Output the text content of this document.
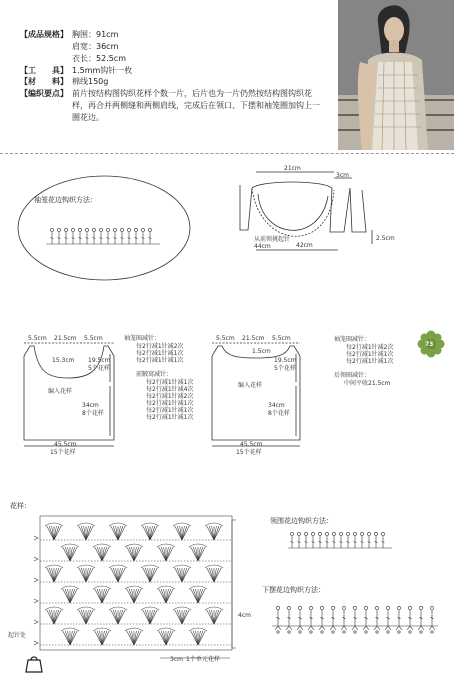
【成品规格】 胸围：91cm
肩宽：36cm
衣长：52.5cm
【工　　具】 1.5mm钩针一枚
【材　　料】 棉线150g
【编织要点】 前片按结构图钩织花样个数一片，后片也为一片仍然按结构图钩织花样，再合并两侧缝和两侧肩线，完成后在领口、下摆和袖笼圈加钩上一圈花边。
袖笼花边钩织方法：
21cm
3cm
2.5cm
从前领挑起针44cm	42cm
5.5cm 21.5cm 5.5cm
15.3cm
编入花样
19.5cm
5个花样
34cm
8个花样
45.5cm
15个花样
袖笼圈减针：
每2行减1针减2次
每2行减1针减1次
每2行减1针减1次
前腋窝减针：
每2行减1针减1次
每2行减1针减4次
每2行减1针减2次
每2行减1针减1次
每2行减1针减1次
每2行减1针减1次
5.5cm 21.5cm 5.5cm
1.5cm
编入花样
19.5cm
5个花样
34cm
8个花样
45.5cm
15个花样
袖笼圈减针：
每2行减1针减2次
每2行减1针减1次
每2行减1针减1次
后领圈减针：
中间平收21.5cm
73
花样：
4cm
3cm 1个单元花样
起针处
领围花边钩织方法：
下摆花边钩织方法：
